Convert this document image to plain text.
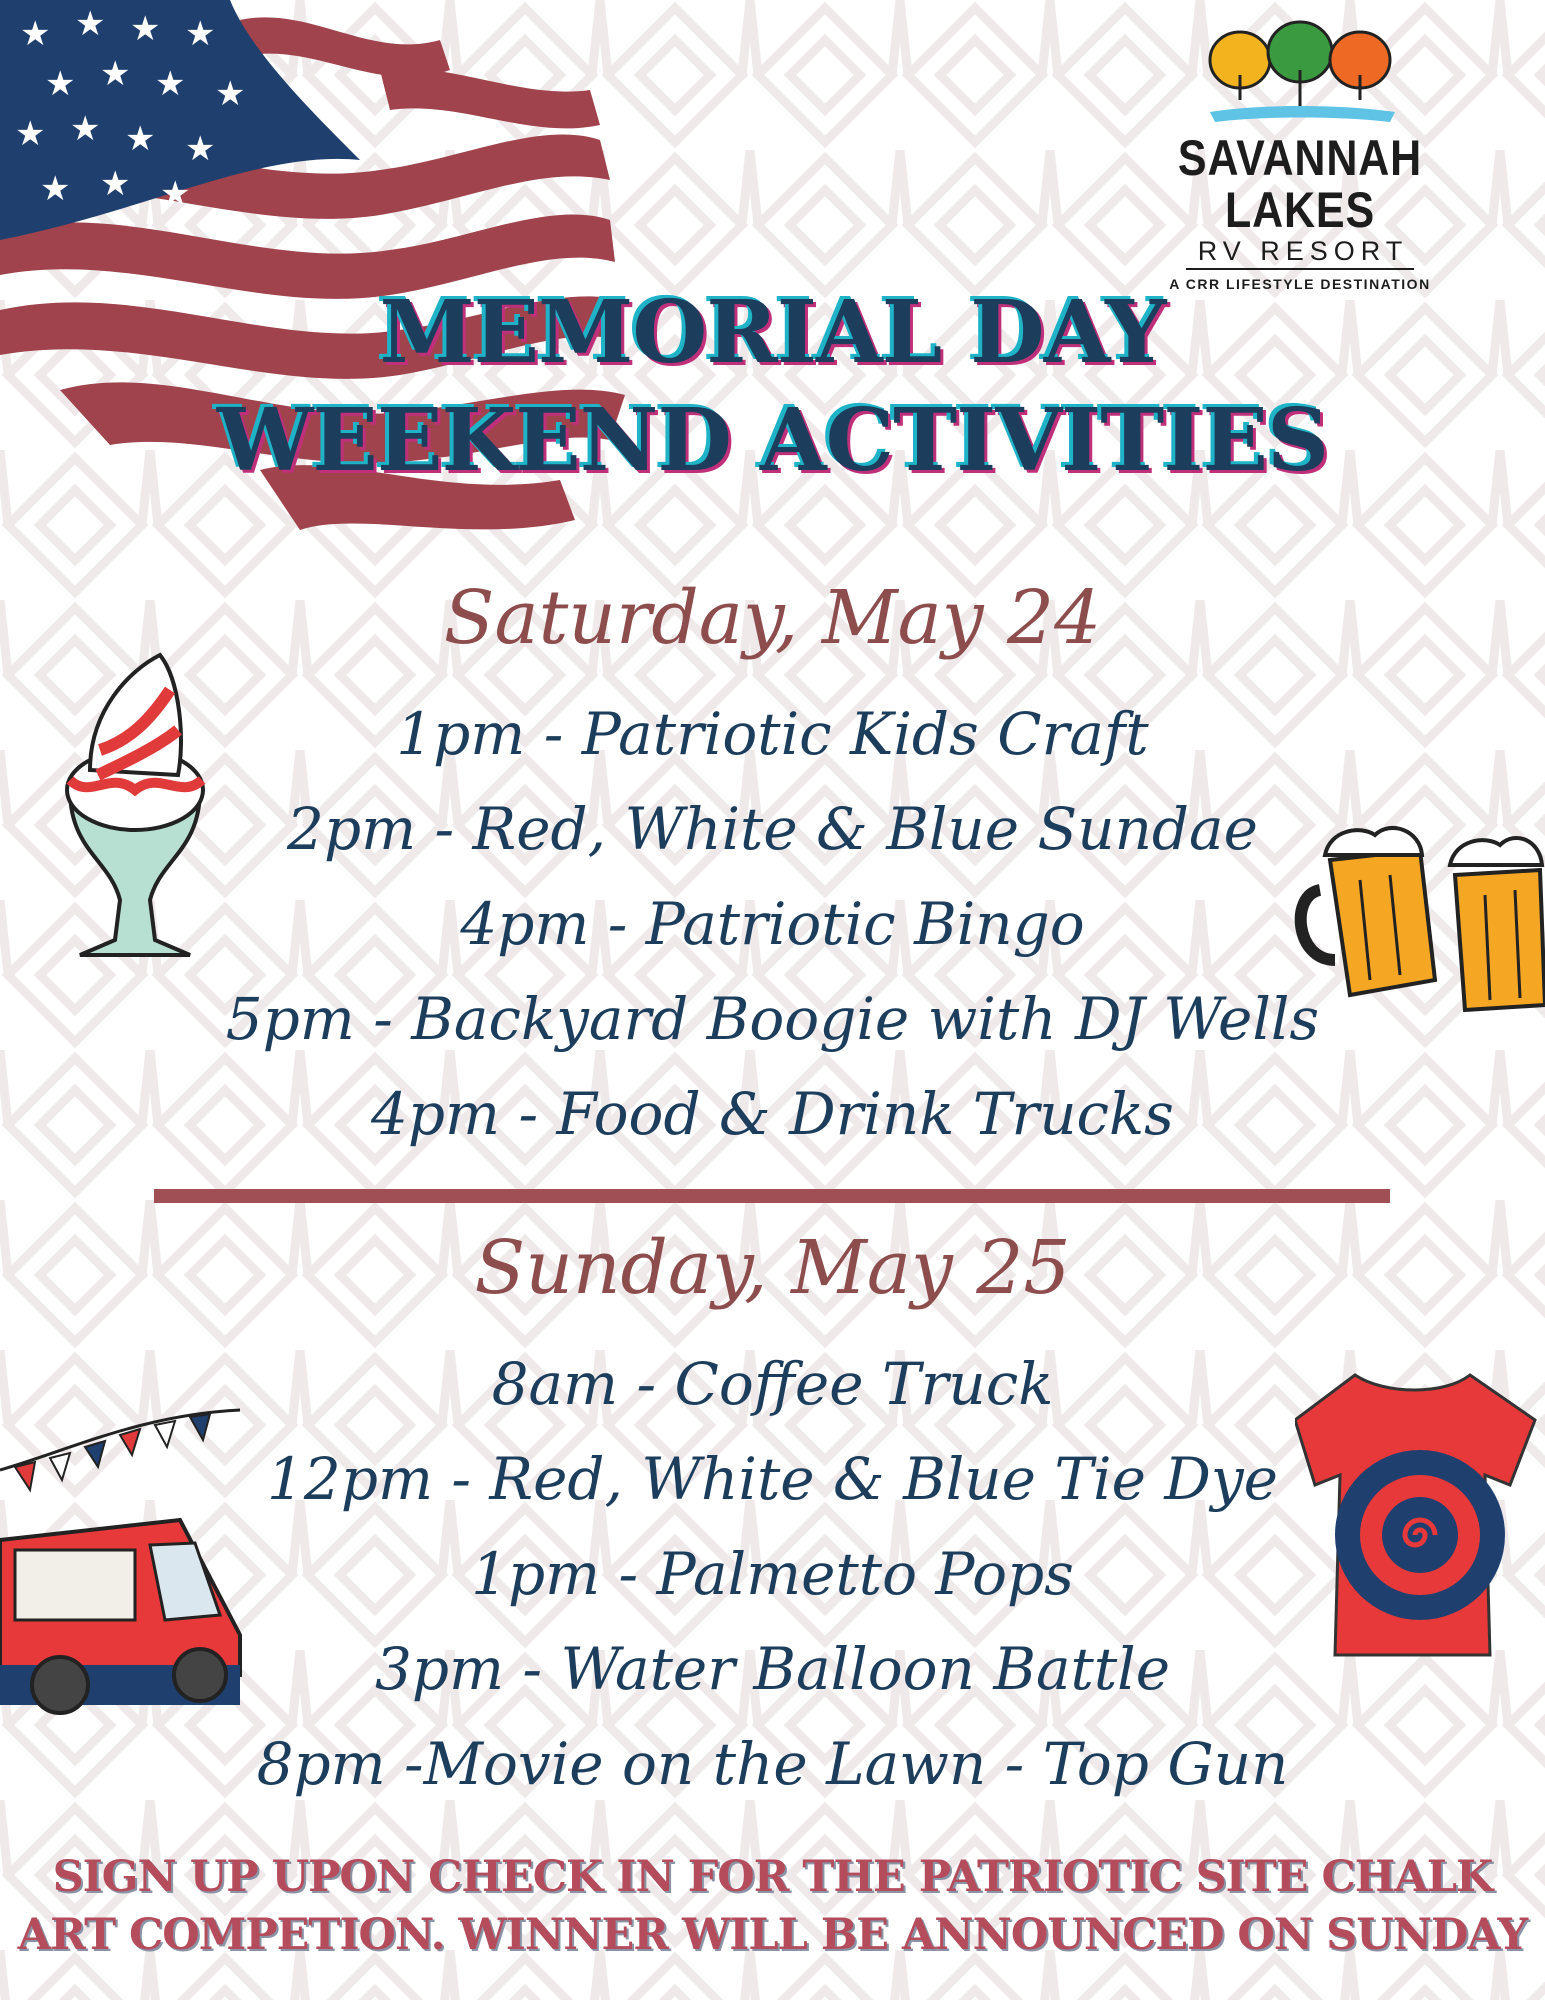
★ ★ ★ ★
★ ★ ★ ★
★ ★ ★ ★
★ ★ ★
SAVANNAH LAKES
RV RESORT
A CRR LIFESTYLE DESTINATION
MEMORIAL DAY
WEEKEND ACTIVITIES
Saturday, May 24
1pm - Patriotic Kids Craft
2pm - Red, White & Blue Sundae
4pm - Patriotic Bingo
5pm - Backyard Boogie with DJ Wells
4pm - Food & Drink Trucks
Sunday, May 25
8am - Coffee Truck
12pm - Red, White & Blue Tie Dye
1pm - Palmetto Pops
3pm - Water Balloon Battle
8pm -Movie on the Lawn - Top Gun
SIGN UP UPON CHECK IN FOR THE PATRIOTIC SITE CHALK
ART COMPETION. WINNER WILL BE ANNOUNCED ON SUNDAY
